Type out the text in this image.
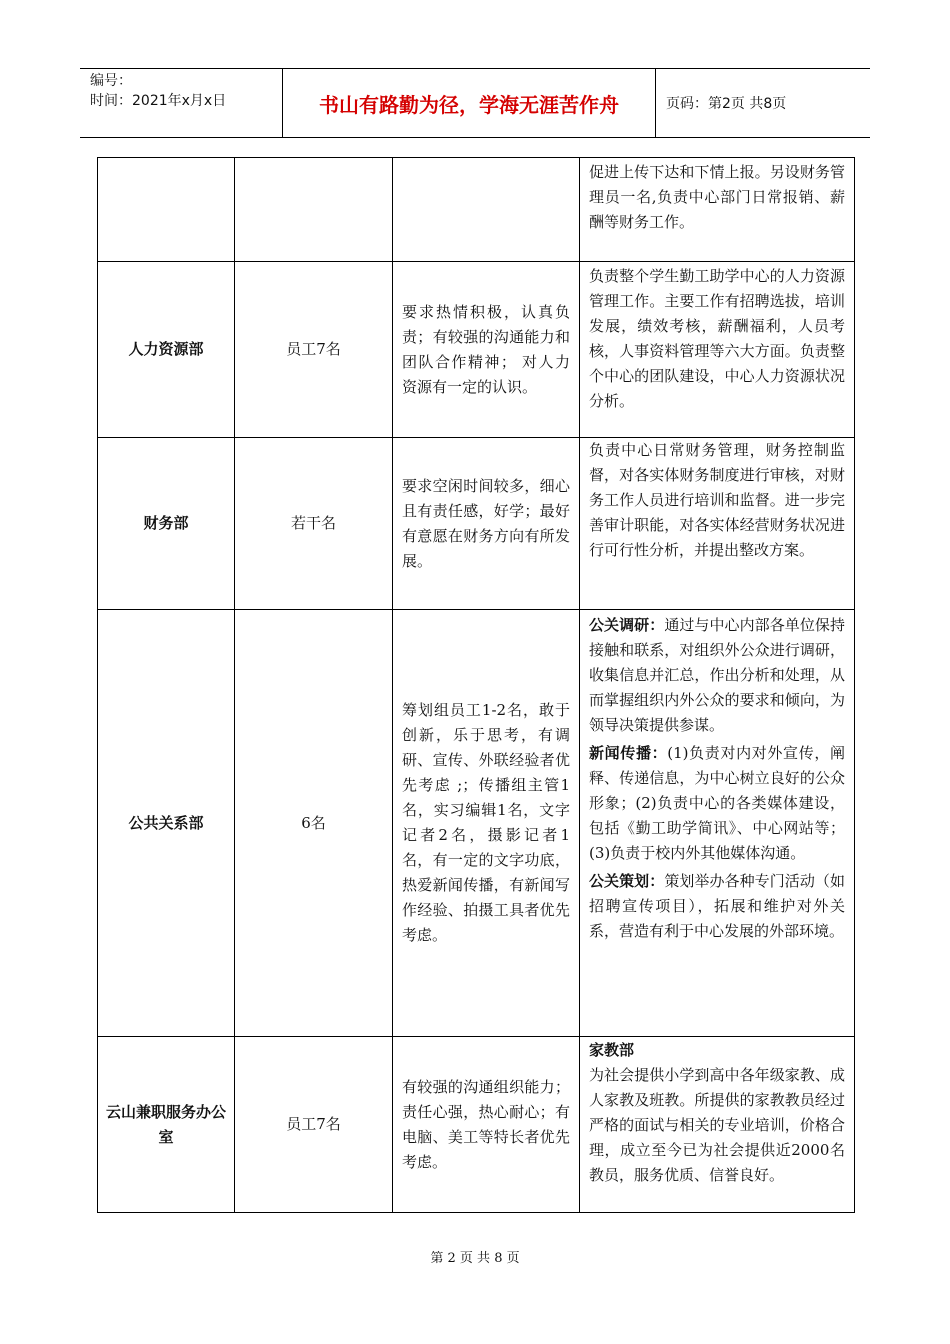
编号：
时间：2021年x月x日	书山有路勤为径，学海无涯苦作舟	页码：第2页 共8页

			促进上传下达和下情上报。另设财务管理员一名,负责中心部门日常报销、薪酬等财务工作。

人力资源部	员工7名	要求热情积极，认真负责；有较强的沟通能力和团队合作精神； 对人力资源有一定的认识。	负责整个学生勤工助学中心的人力资源管理工作。主要工作有招聘选拔，培训发展，绩效考核，薪酬福利，人员考核，人事资料管理等六大方面。负责整个中心的团队建设，中心人力资源状况分析。

财务部	若干名	要求空闲时间较多，细心且有责任感，好学；最好有意愿在财务方向有所发展。	负责中心日常财务管理，财务控制监督，对各实体财务制度进行审核，对财务工作人员进行培训和监督。进一步完善审计职能，对各实体经营财务状况进行可行性分析，并提出整改方案。

公共关系部	6名	筹划组员工1-2名，敢于创新，乐于思考，有调研、宣传、外联经验者优先考虑 ;；传播组主管1名，实习编辑1名，文字记者2名，摄影记者1名，有一定的文字功底，热爱新闻传播，有新闻写作经验、拍摄工具者优先考虑。	公关调研：通过与中心内部各单位保持接触和联系，对组织外公众进行调研，收集信息并汇总，作出分析和处理，从而掌握组织内外公众的要求和倾向，为领导决策提供参谋。
新闻传播：(1)负责对内对外宣传，阐释、传递信息，为中心树立良好的公众形象；(2)负责中心的各类媒体建设，包括《勤工助学简讯》、中心网站等； (3)负责于校内外其他媒体沟通。
公关策划：策划举办各种专门活动（如招聘宣传项目），拓展和维护对外关系，营造有利于中心发展的外部环境。

云山兼职服务办公室	员工7名	有较强的沟通组织能力；责任心强，热心耐心；有电脑、美工等特长者优先考虑。	家教部
为社会提供小学到高中各年级家教、成人家教及班教。所提供的家教教员经过严格的面试与相关的专业培训，价格合理，成立至今已为社会提供近2000名教员，服务优质、信誉良好。
第 2 页 共 8 页
